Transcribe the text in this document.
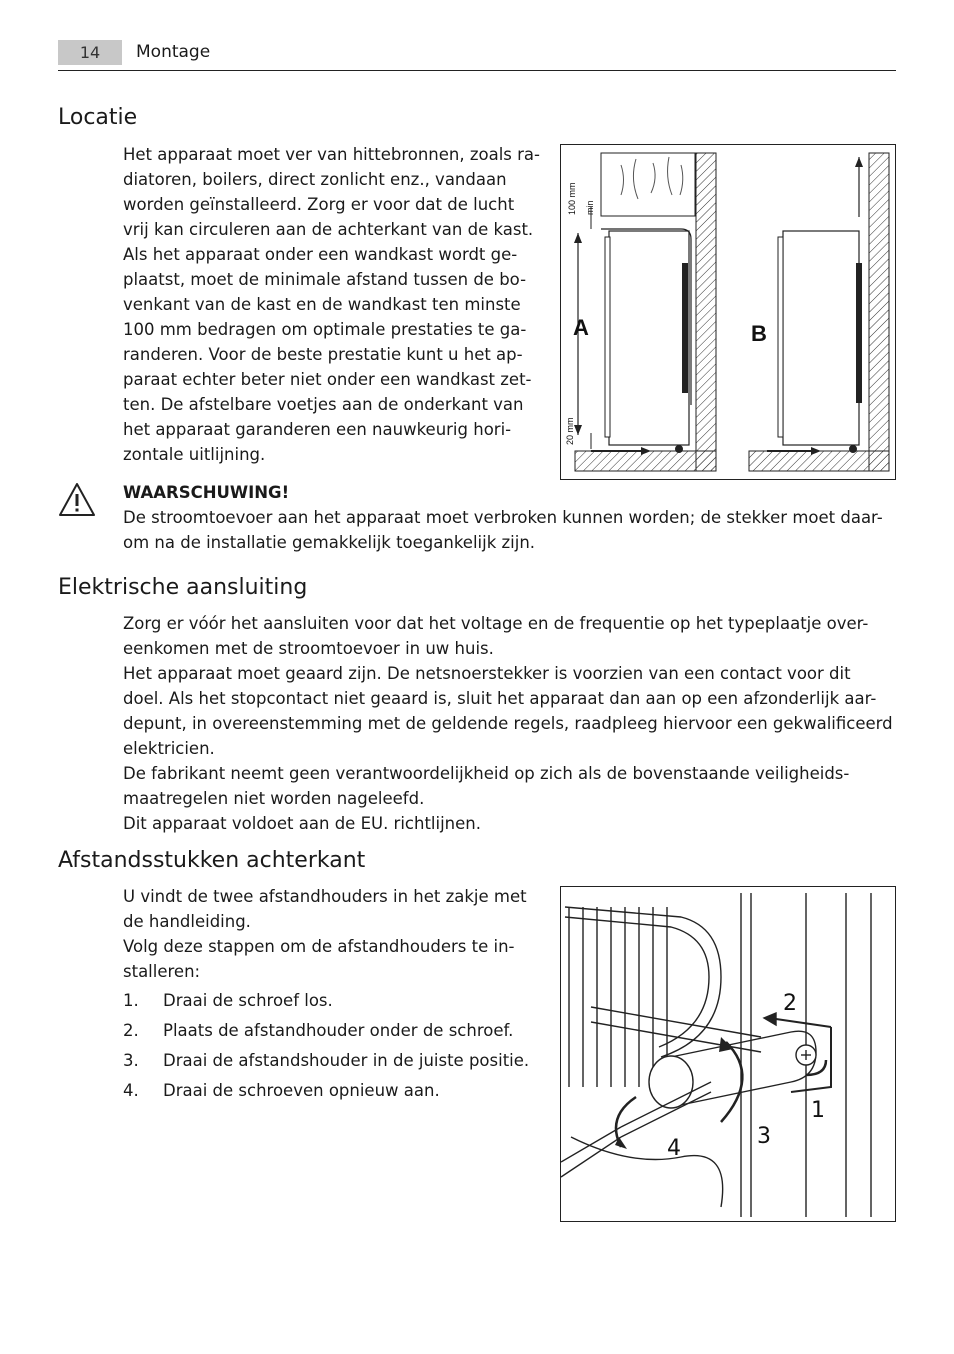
14	Montage
Locatie
Het apparaat moet ver van hittebronnen, zoals ra-
diatoren, boilers, direct zonlicht enz., vandaan
worden geïnstalleerd. Zorg er voor dat de lucht
vrij kan circuleren aan de achterkant van de kast.
Als het apparaat onder een wandkast wordt ge-
plaatst, moet de minimale afstand tussen de bo-
venkant van de kast en de wandkast ten minste
100 mm bedragen om optimale prestaties te ga-
randeren. Voor de beste prestatie kunt u het ap-
paraat echter beter niet onder een wandkast zet-
ten. De afstelbare voetjes aan de onderkant van
het apparaat garanderen een nauwkeurig hori-
zontale uitlijning.
A
100 mm min
20 mm
B
WAARSCHUWING!
De stroomtoevoer aan het apparaat moet verbroken kunnen worden; de stekker moet daar-
om na de installatie gemakkelijk toegankelijk zijn.
Elektrische aansluiting
Zorg er vóór het aansluiten voor dat het voltage en de frequentie op het typeplaatje over-
eenkomen met de stroomtoevoer in uw huis.
Het apparaat moet geaard zijn. De netsnoerstekker is voorzien van een contact voor dit
doel. Als het stopcontact niet geaard is, sluit het apparaat dan aan op een afzonderlijk aar-
depunt, in overeenstemming met de geldende regels, raadpleeg hiervoor een gekwalificeerd
elektricien.
De fabrikant neemt geen verantwoordelijkheid op zich als de bovenstaande veiligheids-
maatregelen niet worden nageleefd.
Dit apparaat voldoet aan de EU. richtlijnen.
Afstandsstukken achterkant
U vindt de twee afstandhouders in het zakje met
de handleiding.
Volg deze stappen om de afstandhouders te in-
stalleren:
1. Draai de schroef los.
2. Plaats de afstandhouder onder de schroef.
3. Draai de afstandshouder in de juiste positie.
4. Draai de schroeven opnieuw aan.
2
1
3
4
